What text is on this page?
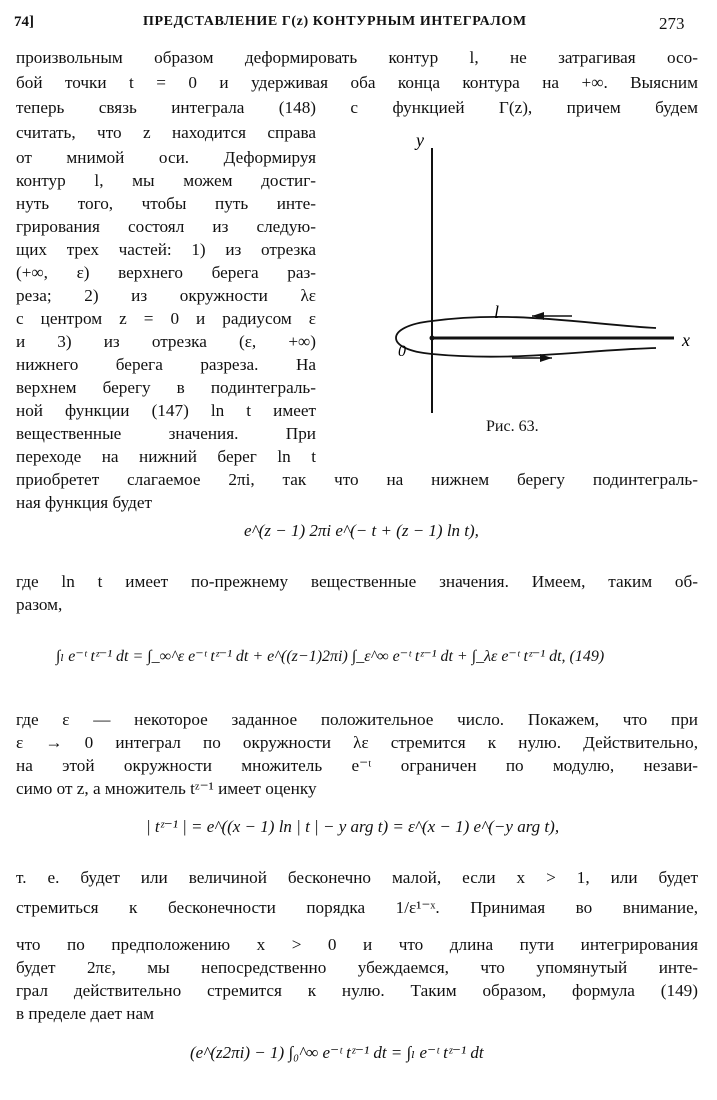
74]	ПРЕДСТАВЛЕНИЕ Γ(z) КОНТУРНЫМ ИНТЕГРАЛОМ	273
произвольным образом деформировать контур l, не затрагивая осо-
бой точки t = 0 и удерживая оба конца контура на +∞. Выясним
теперь связь интеграла (148) с функцией Γ(z), причем будем
считать, что z находится справа
от мнимой оси. Деформируя
контур l, мы можем достиг-
нуть того, чтобы путь инте-
грирования состоял из следую-
щих трех частей: 1) из отрезка
(+∞, ε) верхнего берега раз-
реза; 2) из окружности λε
с центром z = 0 и радиусом ε
и 3) из отрезка (ε, +∞)
нижнего берега разреза. На
верхнем берегу в подинтеграль-
ной функции (147) ln t имеет
вещественные значения. При
переходе на нижний берег ln t
y
x
0
l
Рис. 63.
приобретет слагаемое 2πi, так что на нижнем берегу подинтеграль-
ная функция будет
e^(z − 1) 2πi e^(− t + (z − 1) ln t),
где ln t имеет по-прежнему вещественные значения. Имеем, таким об-
разом,
∫ₗ e⁻ᵗ tᶻ⁻¹ dt = ∫_∞^ε e⁻ᵗ tᶻ⁻¹ dt + e^((z−1)2πi) ∫_ε^∞ e⁻ᵗ tᶻ⁻¹ dt + ∫_λε e⁻ᵗ tᶻ⁻¹ dt, (149)
где ε — некоторое заданное положительное число. Покажем, что при
ε → 0 интеграл по окружности λε стремится к нулю. Действительно,
на этой окружности множитель e⁻ᵗ ограничен по модулю, незави-
симо от z, а множитель tᶻ⁻¹ имеет оценку
| tᶻ⁻¹ | = e^((x − 1) ln | t | − y arg t) = ε^(x − 1) e^(−y arg t),
т. е. будет или величиной бесконечно малой, если x > 1, или будет
стремиться к бесконечности порядка 1/ε¹⁻ˣ. Принимая во внимание,
что по предположению x > 0 и что длина пути интегрирования
будет 2πε, мы непосредственно убеждаемся, что упомянутый инте-
грал действительно стремится к нулю. Таким образом, формула (149)
в пределе дает нам
(e^(z2πi) − 1) ∫₀^∞ e⁻ᵗ tᶻ⁻¹ dt = ∫ₗ e⁻ᵗ tᶻ⁻¹ dt
